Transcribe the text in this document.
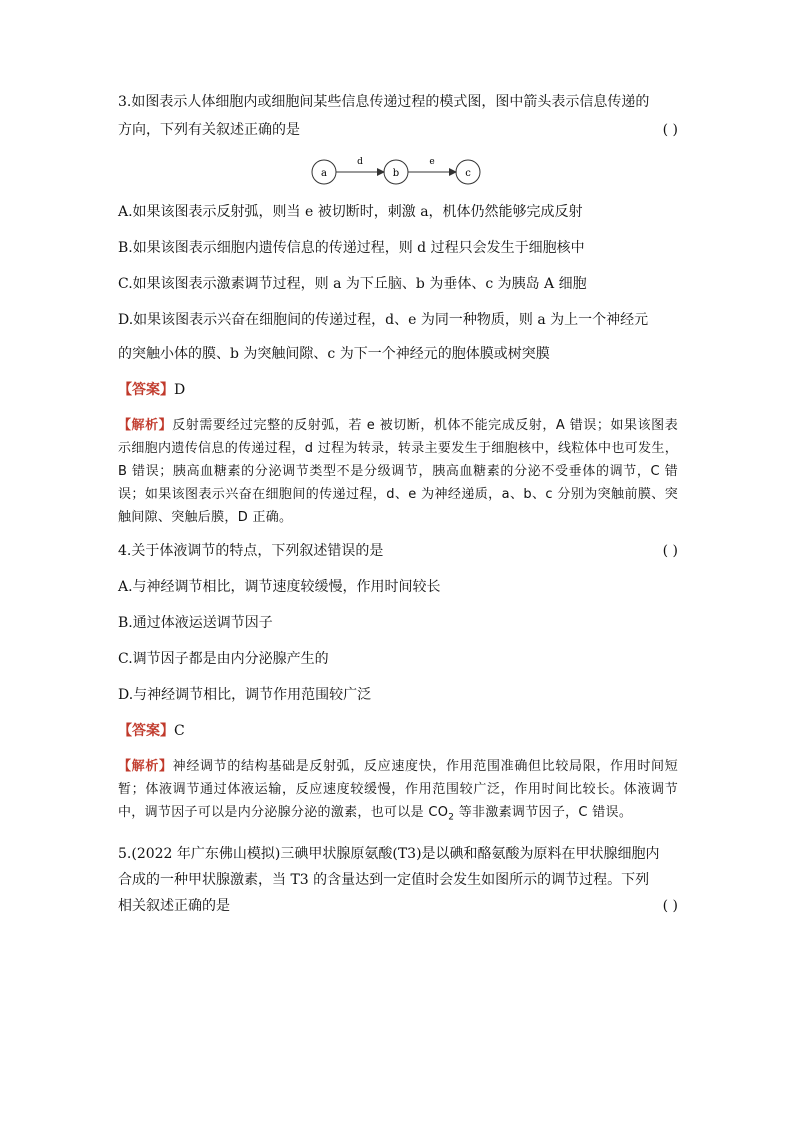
3.如图表示人体细胞内或细胞间某些信息传递过程的模式图，图中箭头表示信息传递的

方向，下列有关叙述正确的是	( )
a
d
b
e
c

A.如果该图表示反射弧，则当 e 被切断时，刺激 a，机体仍然能够完成反射

B.如果该图表示细胞内遗传信息的传递过程，则 d 过程只会发生于细胞核中

C.如果该图表示激素调节过程，则 a 为下丘脑、b 为垂体、c 为胰岛 A 细胞

D.如果该图表示兴奋在细胞间的传递过程，d、e 为同一种物质，则 a 为上一个神经元

的突触小体的膜、b 为突触间隙、c 为下一个神经元的胞体膜或树突膜

【答案】D
【解析】反射需要经过完整的反射弧，若 e 被切断，机体不能完成反射，A 错误；如果该图表示细胞内遗传信息的传递过程，d 过程为转录，转录主要发生于细胞核中，线粒体中也可发生，B 错误；胰高血糖素的分泌调节类型不是分级调节，胰高血糖素的分泌不受垂体的调节，C 错误；如果该图表示兴奋在细胞间的传递过程，d、e 为神经递质，a、b、c 分别为突触前膜、突触间隙、突触后膜，D 正确。
4.关于体液调节的特点，下列叙述错误的是	( )

A.与神经调节相比，调节速度较缓慢，作用时间较长

B.通过体液运送调节因子

C.调节因子都是由内分泌腺产生的

D.与神经调节相比，调节作用范围较广泛

【答案】C
【解析】神经调节的结构基础是反射弧，反应速度快，作用范围准确但比较局限，作用时间短暂；体液调节通过体液运输，反应速度较缓慢，作用范围较广泛，作用时间比较长。体液调节中，调节因子可以是内分泌腺分泌的激素，也可以是 $CO_2$ 等非激素调节因子，C 错误。

5.(2022 年广东佛山模拟)三碘甲状腺原氨酸(T3)是以碘和酪氨酸为原料在甲状腺细胞内

合成的一种甲状腺激素，当 T3 的含量达到一定值时会发生如图所示的调节过程。下列

相关叙述正确的是	( )
